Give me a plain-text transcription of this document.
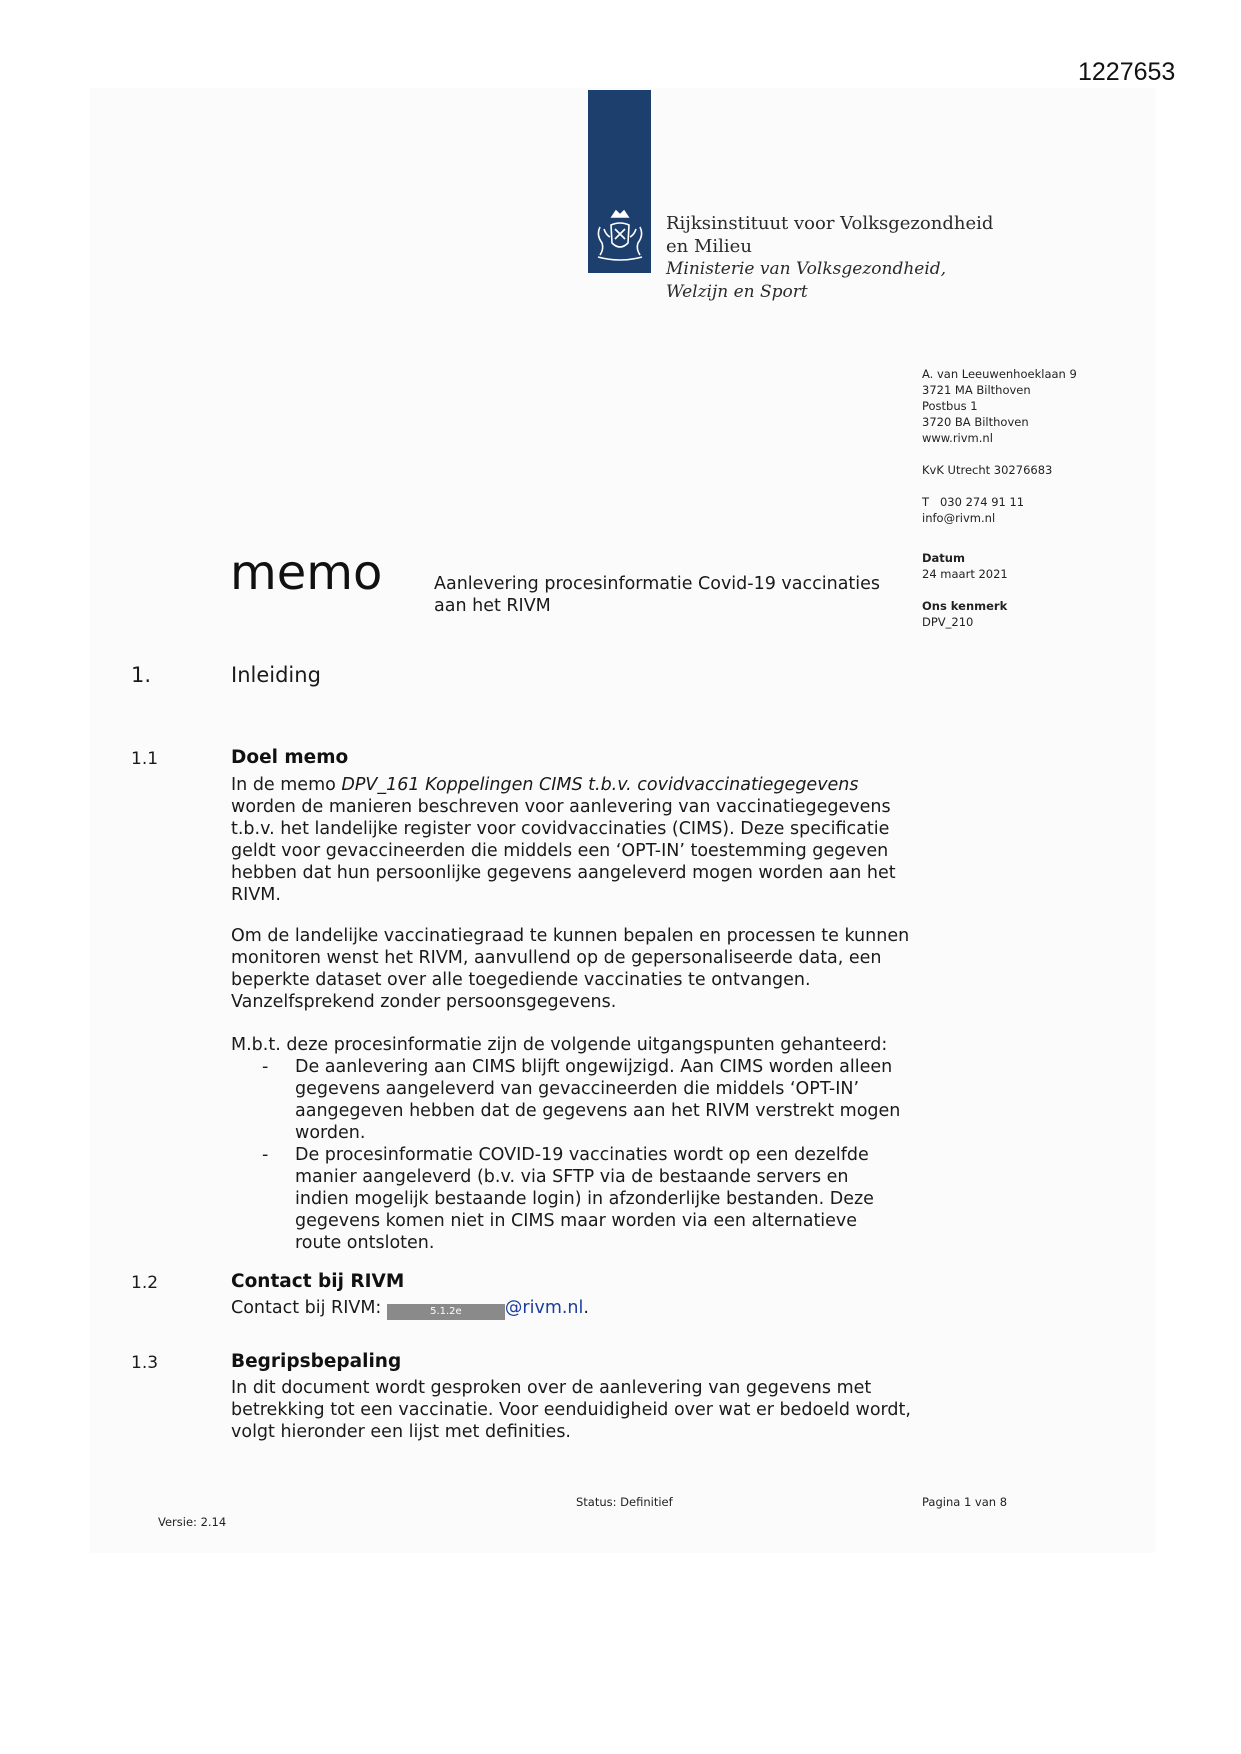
1227653
Rijksinstituut voor Volksgezondheid
en Milieu
Ministerie van Volksgezondheid,
Welzijn en Sport
A. van Leeuwenhoeklaan 9
3721 MA Bilthoven
Postbus 1
3720 BA Bilthoven
www.rivm.nl
KvK Utrecht 30276683
T   030 274 91 11
info@rivm.nl
Datum
24 maart 2021
Ons kenmerk
DPV_210
memo	Aanlevering procesinformatie Covid-19 vaccinaties
aan het RIVM
1.	Inleiding
1.1	Doel memo

In de memo DPV_161 Koppelingen CIMS t.b.v. covidvaccinatiegegevens worden de manieren beschreven voor aanlevering van vaccinatiegegevens t.b.v. het landelijke register voor covidvaccinaties (CIMS). Deze specificatie geldt voor gevaccineerden die middels een ‘OPT-IN’ toestemming gegeven hebben dat hun persoonlijke gegevens aangeleverd mogen worden aan het RIVM.

Om de landelijke vaccinatiegraad te kunnen bepalen en processen te kunnen monitoren wenst het RIVM, aanvullend op de gepersonaliseerde data, een beperkte dataset over alle toegediende vaccinaties te ontvangen. Vanzelfsprekend zonder persoonsgegevens.
M.b.t. deze procesinformatie zijn de volgende uitgangspunten gehanteerd:
- De aanlevering aan CIMS blijft ongewijzigd. Aan CIMS worden alleen gegevens aangeleverd van gevaccineerden die middels ‘OPT-IN’ aangegeven hebben dat de gegevens aan het RIVM verstrekt mogen worden.
- De procesinformatie COVID-19 vaccinaties wordt op een dezelfde manier aangeleverd (b.v. via SFTP via de bestaande servers en indien mogelijk bestaande login) in afzonderlijke bestanden. Deze gegevens komen niet in CIMS maar worden via een alternatieve route ontsloten.
1.2	Contact bij RIVM
Contact bij RIVM:	5.1.2e @rivm.nl.
1.3	Begripsbepaling
In dit document wordt gesproken over de aanlevering van gegevens met betrekking tot een vaccinatie. Voor eenduidigheid over wat er bedoeld wordt, volgt hieronder een lijst met definities.
Status: Definitief	Pagina 1 van 8
Versie: 2.14
